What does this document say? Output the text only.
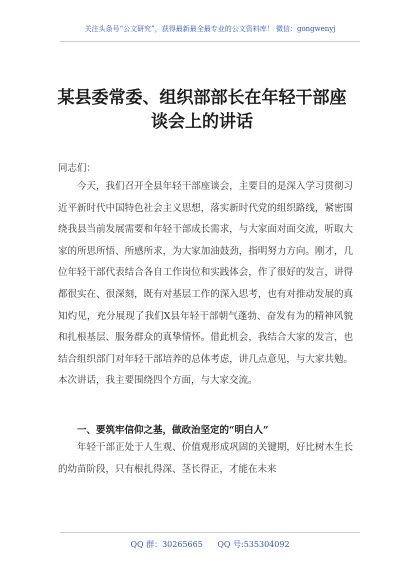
关注头条号“公文研究”，获得最新最全最专业的公文资料库！ 微信：gongwenyj
某县委常委、组织部部长在年轻干部座谈会上的讲话
同志们：
今天，我们召开全县年轻干部座谈会，主要目的是深入学习贯彻习近平新时代中国特色社会主义思想，落实新时代党的组织路线，紧密围绕我县当前发展需要和年轻干部成长需求，与大家面对面交流，听取大家的所思所悟、所感所求，为大家加油鼓劲，指明努力方向。刚才，几位年轻干部代表结合各自工作岗位和实践体会，作了很好的发言，讲得都很实在、很深刻，既有对基层工作的深入思考，也有对推动发展的真知灼见，充分展现了我们X县年轻干部朝气蓬勃、奋发有为的精神风貌和扎根基层、服务群众的真挚情怀。借此机会，我结合大家的发言，也结合组织部门对年轻干部培养的总体考虑，讲几点意见，与大家共勉。本次讲话，我主要围绕四个方面，与大家交流。
一、要筑牢信仰之基，做政治坚定的“明白人”
年轻干部正处于人生观、价值观形成巩固的关键期，好比树木生长的幼苗阶段，只有根扎得深、茎长得正，才能在未来
QQ 群：30265665 QQ 号:535304092
